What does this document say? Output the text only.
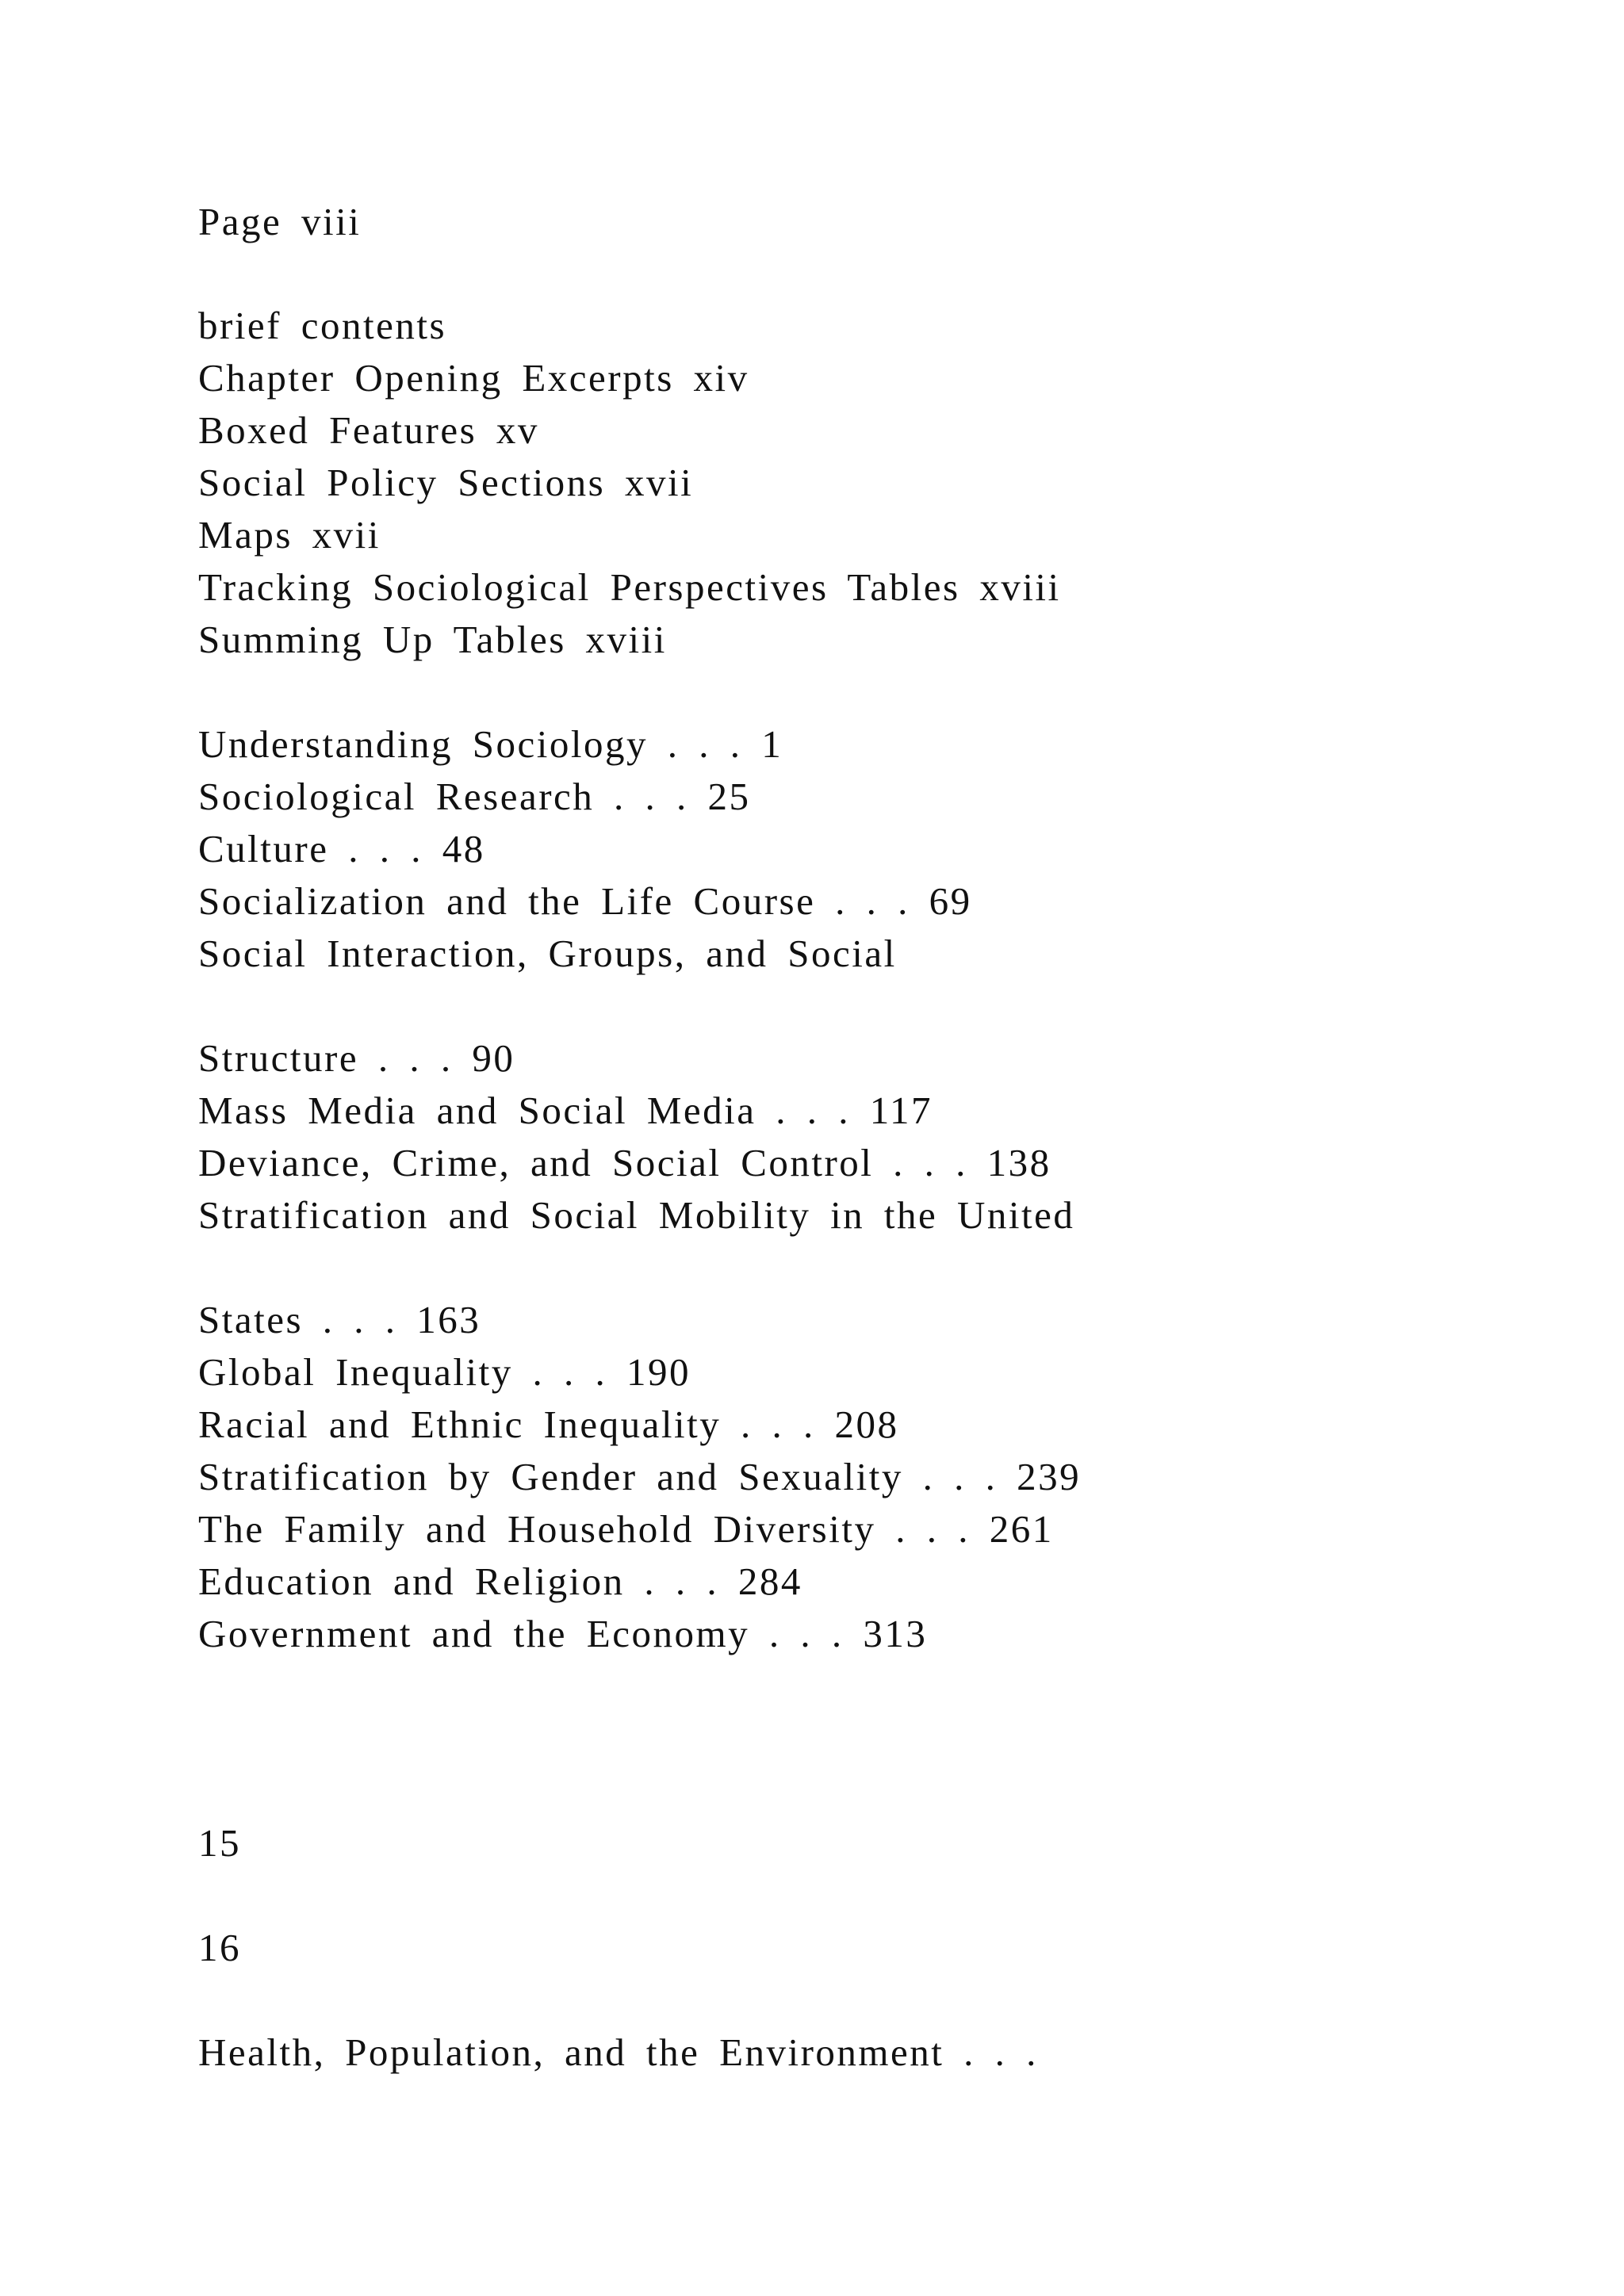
Page viii

brief contents

Chapter Opening Excerpts xiv

Boxed Features xv

Social Policy Sections xvii

Maps xvii

Tracking Sociological Perspectives Tables xviii

Summing Up Tables xviii

Understanding Sociology . . . 1

Sociological Research . . . 25

Culture . . . 48

Socialization and the Life Course . . . 69

Social Interaction, Groups, and Social

Structure . . . 90

Mass Media and Social Media . . . 117

Deviance, Crime, and Social Control . . . 138

Stratification and Social Mobility in the United

States . . . 163

Global Inequality . . . 190

Racial and Ethnic Inequality . . . 208

Stratification by Gender and Sexuality . . . 239

The Family and Household Diversity . . . 261

Education and Religion . . . 284

Government and the Economy . . . 313

15

16

Health, Population, and the Environment . . .
